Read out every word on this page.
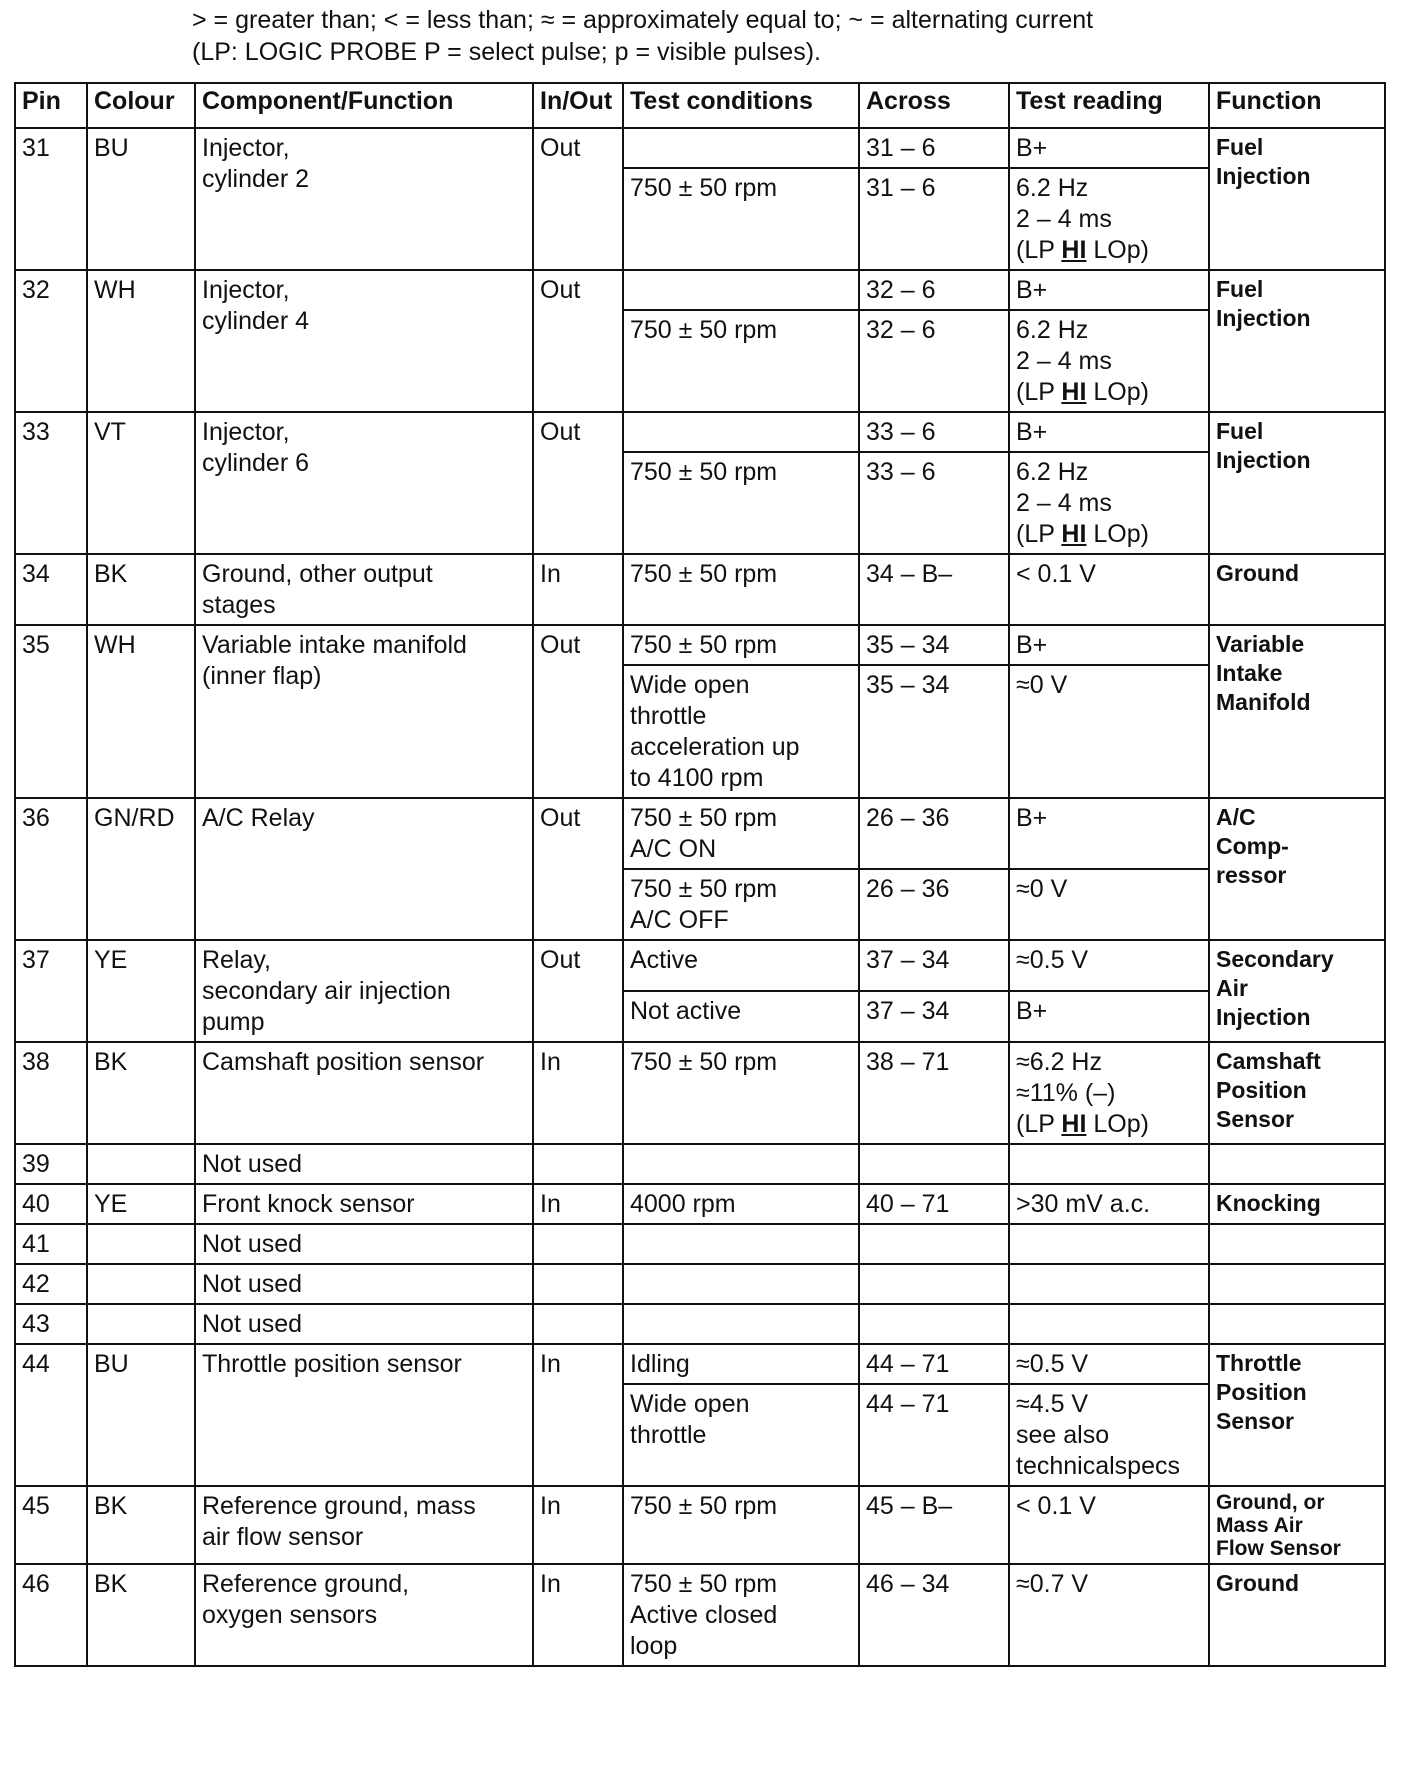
> = greater than; < = less than; ≈ = approximately equal to; ~ = alternating current
(LP: LOGIC PROBE P = select pulse; p = visible pulses).
Pin	Colour	Component/Function	In/Out	Test conditions	Across	Test reading	Function
31	BU	Injector,
cylinder 2	Out		31 – 6	B+	Fuel
Injection

				750 ± 50 rpm	31 – 6	6.2 Hz
2 – 4 ms
(LP HI LOp)	

32	WH	Injector,
cylinder 4	Out		32 – 6	B+	Fuel
Injection

				750 ± 50 rpm	32 – 6	6.2 Hz
2 – 4 ms
(LP HI LOp)	

33	VT	Injector,
cylinder 6	Out		33 – 6	B+	Fuel
Injection

				750 ± 50 rpm	33 – 6	6.2 Hz
2 – 4 ms
(LP HI LOp)	

34	BK	Ground, other output
stages	In	750 ± 50 rpm	34 – B–	< 0.1 V	Ground

35	WH	Variable intake manifold
(inner flap)	Out	750 ± 50 rpm	35 – 34	B+	Variable
Intake
Manifold

				Wide open
throttle
acceleration up
to 4100 rpm	35 – 34	≈0 V	
36	GN/RD	A/C Relay	Out	750 ± 50 rpm
A/C ON	26 – 36	B+	A/C
Comp-
ressor

				750 ± 50 rpm
A/C OFF	26 – 36	≈0 V	
37	YE	Relay,
secondary air injection
pump	Out	Active	37 – 34	≈0.5 V	Secondary
Air
Injection

				Not active	37 – 34	B+	
38	BK	Camshaft position sensor	In	750 ± 50 rpm	38 – 71	≈6.2 Hz
≈11% (–)
(LP HI LOp)	Camshaft
Position
Sensor

39		Not used					
40	YE	Front knock sensor	In	4000 rpm	40 – 71	>30 mV a.c.	Knocking
41		Not used					
42		Not used					
43		Not used					
44	BU	Throttle position sensor	In	Idling	44 – 71	≈0.5 V	Throttle
Position
Sensor

				Wide open
throttle	44 – 71	≈4.5 V
see also
technicalspecs	

45	BK	Reference ground, mass
air flow sensor	In	750 ± 50 rpm	45 – B–	< 0.1 V	Ground, or
Mass Air
Flow Sensor

46	BK	Reference ground,
oxygen sensors	In	750 ± 50 rpm
Active closed
loop	46 – 34	≈0.7 V	Ground
